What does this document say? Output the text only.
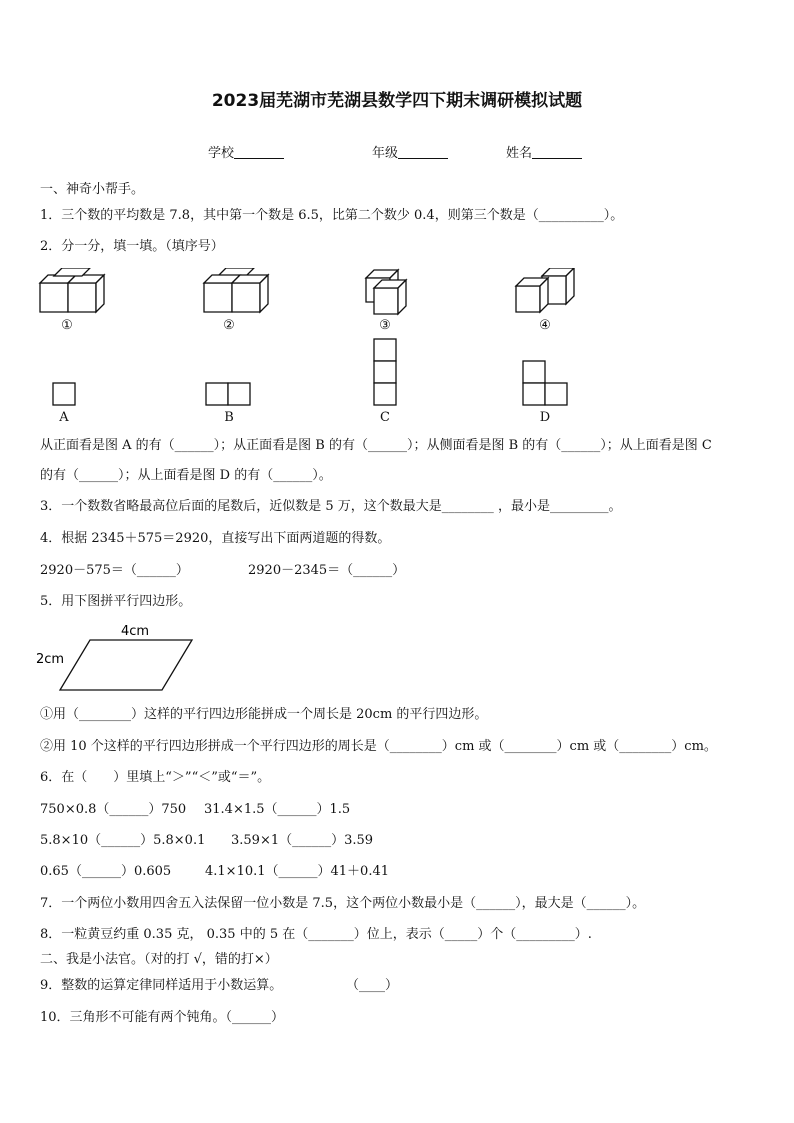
2023届芜湖市芜湖县数学四下期末调研模拟试题
学校	年级	姓名
一、神奇小帮手。
1．三个数的平均数是 7.8，其中第一个数是 6.5，比第二个数少 0.4，则第三个数是（__________）。
2．分一分，填一填。（填序号）
①	②	③	④
A	B	C	D
从正面看是图 A 的有（______）；从正面看是图 B 的有（______）；从侧面看是图 B 的有（______）；从上面看是图 C
的有（______）；从上面看是图 D 的有（______）。
3．一个数数省略最高位后面的尾数后，近似数是 5 万，这个数最大是________ ，最小是_________。
4．根据 2345＋575＝2920，直接写出下面两道题的得数。
2920－575＝（______）	2920－2345＝（______）
5．用下图拼平行四边形。
4cm
2cm
①用（________）这样的平行四边形能拼成一个周长是 20cm 的平行四边形。
②用 10 个这样的平行四边形拼成一个平行四边形的周长是（________）cm 或（________）cm 或（________）cm。
6．在（　　）里填上“＞”“＜”或“＝”。
750×0.8（______）750 31.4×1.5（______）1.5
5.8×10（______）5.8×0.1 3.59×1（______）3.59
0.65（______）0.605	4.1×10.1（______）41＋0.41
7．一个两位小数用四舍五入法保留一位小数是 7.5，这个两位小数最小是（______），最大是（______）。
8．一粒黄豆约重 0.35 克， 0.35 中的 5 在（_______）位上，表示（_____）个（_________）.
二、我是小法官。（对的打 √，错的打×）
9．整数的运算定律同样适用于小数运算。	（____）
10．三角形不可能有两个钝角。（______）
